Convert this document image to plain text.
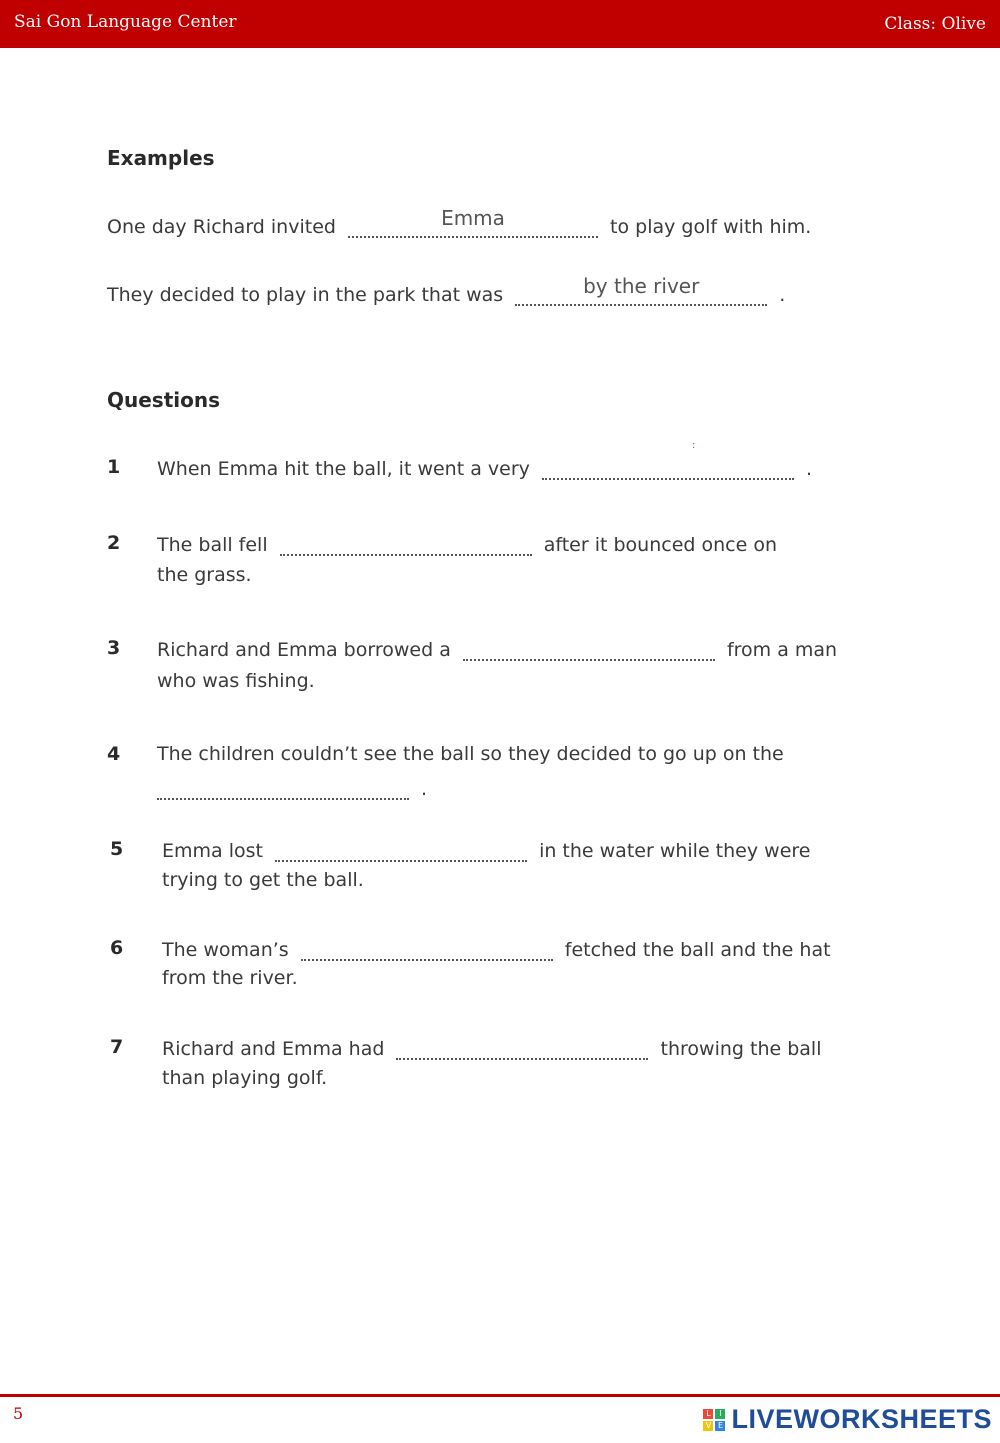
Sai Gon Language Center	Class: Olive
Examples
One day Richard invited	Emma	to play golf with him.
They decided to play in the park that was	by the river	.
Questions
:
1 When Emma hit the ball, it went a very	.
2 The ball fell	after it bounced once on
the grass.
3 Richard and Emma borrowed a	from a man
who was fishing.
4 The children couldn’t see the ball so they decided to go up on the
.
5 Emma lost	in the water while they were
trying to get the ball.
6 The woman’s	fetched the ball and the hat
from the river.
7 Richard and Emma had	throwing the ball
than playing golf.
5	L	I
V E LIVEWORKSHEETS
